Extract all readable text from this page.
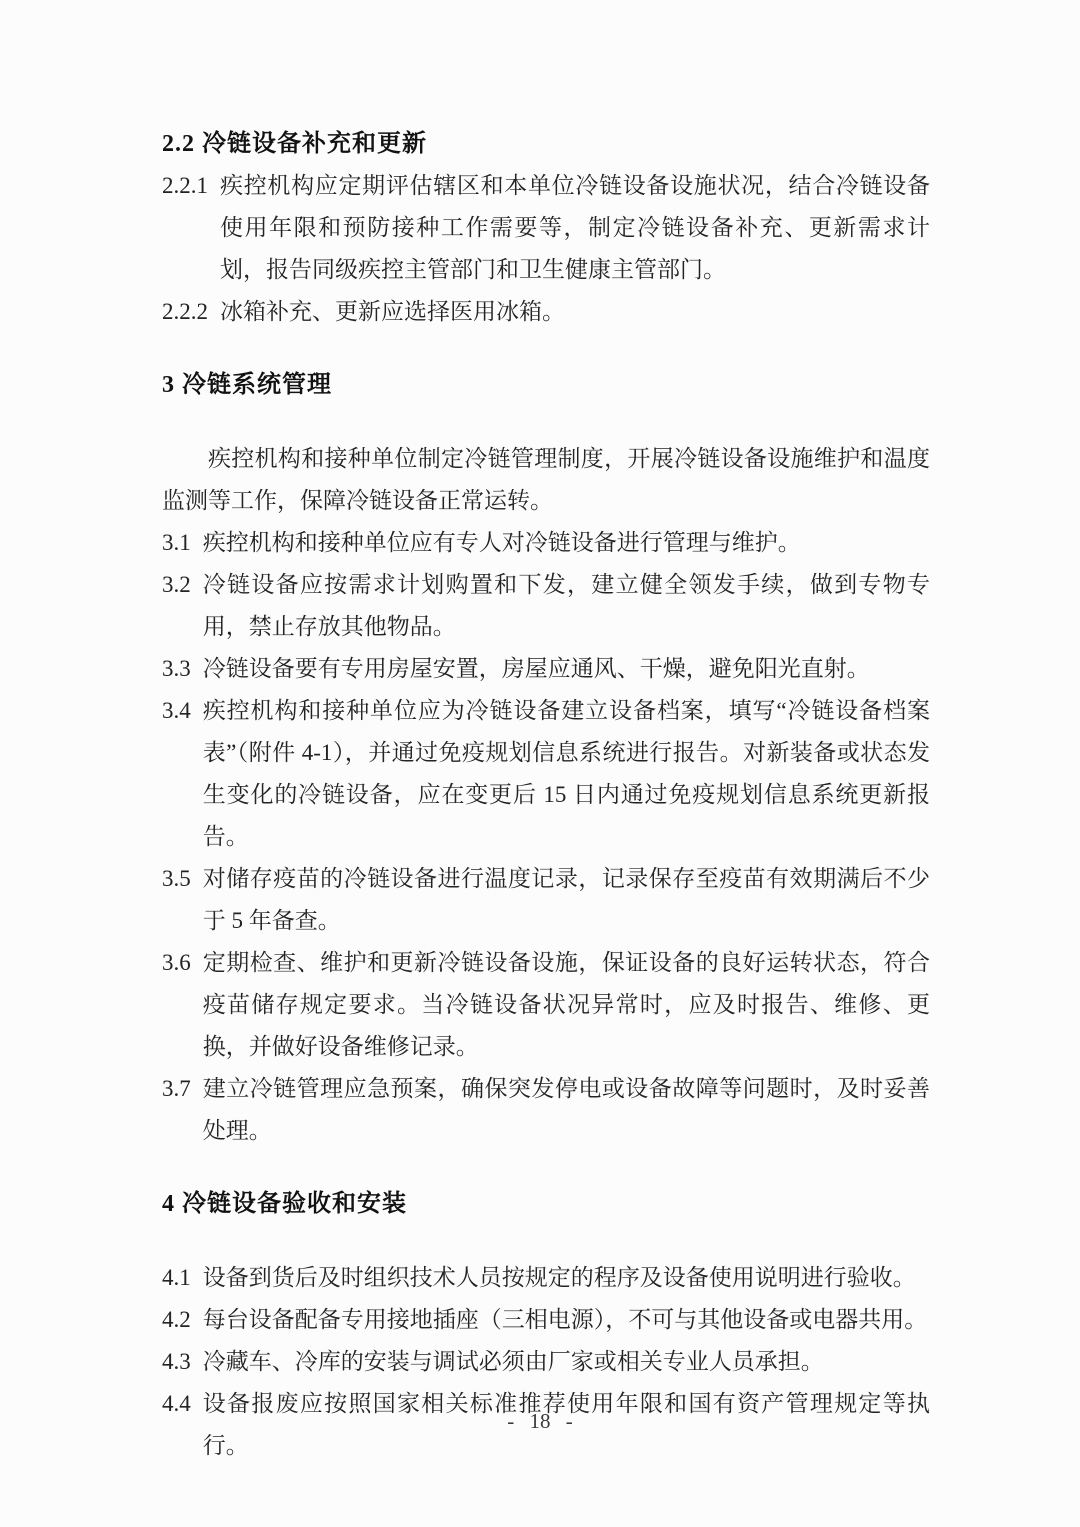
2.2 冷链设备补充和更新
2.2.1 疾控机构应定期评估辖区和本单位冷链设备设施状况，结合冷链设备使用年限和预防接种工作需要等，制定冷链设备补充、更新需求计划，报告同级疾控主管部门和卫生健康主管部门。
2.2.2 冰箱补充、更新应选择医用冰箱。
3 冷链系统管理
疾控机构和接种单位制定冷链管理制度，开展冷链设备设施维护和温度监测等工作，保障冷链设备正常运转。
3.1 疾控机构和接种单位应有专人对冷链设备进行管理与维护。
3.2 冷链设备应按需求计划购置和下发，建立健全领发手续，做到专物专用，禁止存放其他物品。
3.3 冷链设备要有专用房屋安置，房屋应通风、干燥，避免阳光直射。
3.4 疾控机构和接种单位应为冷链设备建立设备档案，填写“冷链设备档案表”（附件 4-1），并通过免疫规划信息系统进行报告。对新装备或状态发生变化的冷链设备，应在变更后 15 日内通过免疫规划信息系统更新报告。
3.5 对储存疫苗的冷链设备进行温度记录，记录保存至疫苗有效期满后不少于 5 年备查。
3.6 定期检查、维护和更新冷链设备设施，保证设备的良好运转状态，符合疫苗储存规定要求。当冷链设备状况异常时，应及时报告、维修、更换，并做好设备维修记录。
3.7 建立冷链管理应急预案，确保突发停电或设备故障等问题时，及时妥善处理。
4 冷链设备验收和安装
4.1 设备到货后及时组织技术人员按规定的程序及设备使用说明进行验收。
4.2 每台设备配备专用接地插座（三相电源），不可与其他设备或电器共用。
4.3 冷藏车、冷库的安装与调试必须由厂家或相关专业人员承担。
4.4 设备报废应按照国家相关标准推荐使用年限和国有资产管理规定等执行。
- 18 -
